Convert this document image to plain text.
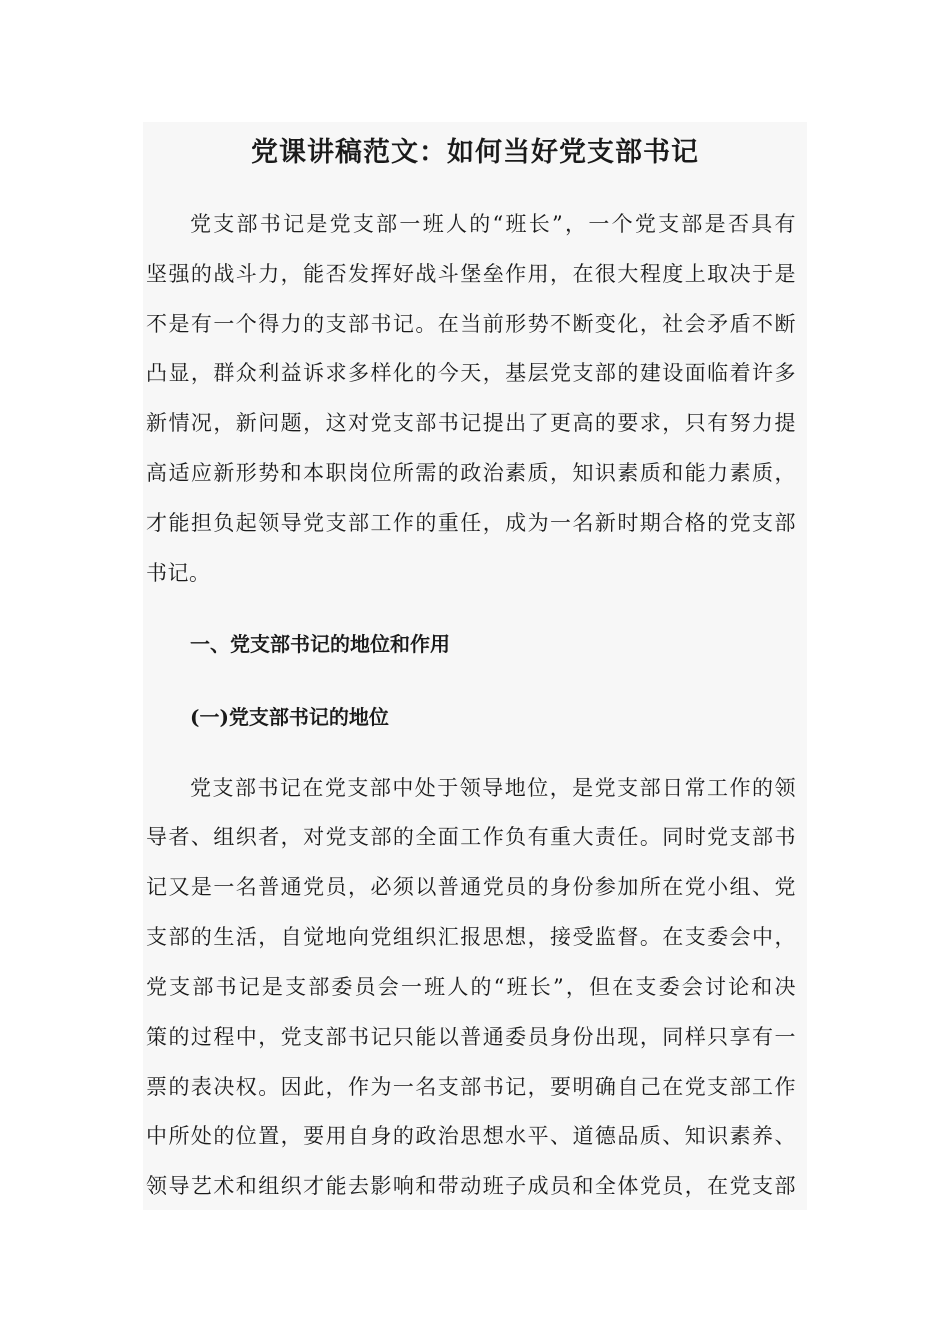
党课讲稿范文：如何当好党支部书记
党支部书记是党支部一班人的“班长”，一个党支部是否具有
坚强的战斗力，能否发挥好战斗堡垒作用，在很大程度上取决于是
不是有一个得力的支部书记。在当前形势不断变化，社会矛盾不断
凸显，群众利益诉求多样化的今天，基层党支部的建设面临着许多
新情况，新问题，这对党支部书记提出了更高的要求，只有努力提
高适应新形势和本职岗位所需的政治素质，知识素质和能力素质，
才能担负起领导党支部工作的重任，成为一名新时期合格的党支部
书记。
一、党支部书记的地位和作用
(一)党支部书记的地位
党支部书记在党支部中处于领导地位，是党支部日常工作的领
导者、组织者，对党支部的全面工作负有重大责任。同时党支部书
记又是一名普通党员，必须以普通党员的身份参加所在党小组、党
支部的生活，自觉地向党组织汇报思想，接受监督。在支委会中，
党支部书记是支部委员会一班人的“班长”，但在支委会讨论和决
策的过程中，党支部书记只能以普通委员身份出现，同样只享有一
票的表决权。因此，作为一名支部书记，要明确自己在党支部工作
中所处的位置，要用自身的政治思想水平、道德品质、知识素养、
领导艺术和组织才能去影响和带动班子成员和全体党员，在党支部
